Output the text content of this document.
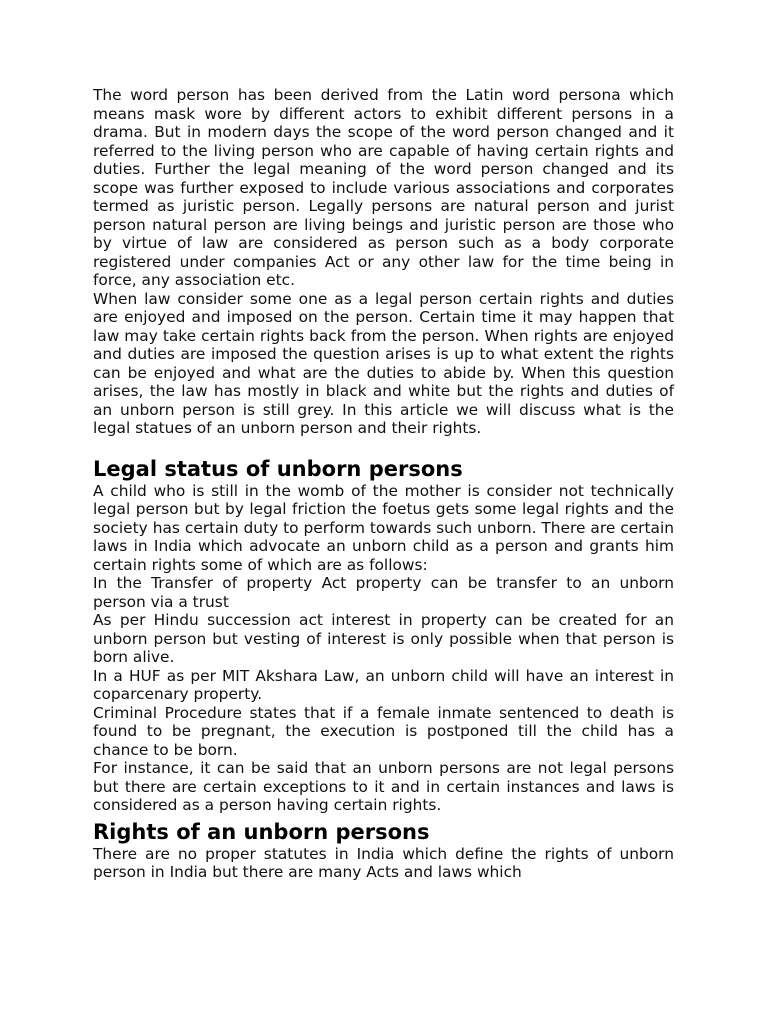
The word person has been derived from the Latin word persona which means mask wore by different actors to exhibit different persons in a drama. But in modern days the scope of the word person changed and it referred to the living person who are capable of having certain rights and duties. Further the legal meaning of the word person changed and its scope was further exposed to include various associations and corporates termed as juristic person. Legally persons are natural person and jurist person natural person are living beings and juristic person are those who by virtue of law are considered as person such as a body corporate registered under companies Act or any other law for the time being in force, any association etc.

When law consider some one as a legal person certain rights and duties are enjoyed and imposed on the person. Certain time it may happen that law may take certain rights back from the person. When rights are enjoyed and duties are imposed the question arises is up to what extent the rights can be enjoyed and what are the duties to abide by. When this question arises, the law has mostly in black and white but the rights and duties of an unborn person is still grey. In this article we will discuss what is the legal statues of an unborn person and their rights.

Legal status of unborn persons

A child who is still in the womb of the mother is consider not technically legal person but by legal friction the foetus gets some legal rights and the society has certain duty to perform towards such unborn. There are certain laws in India which advocate an unborn child as a person and grants him certain rights some of which are as follows:

In the Transfer of property Act property can be transfer to an unborn person via a trust

As per Hindu succession act interest in property can be created for an unborn person but vesting of interest is only possible when that person is born alive.

In a HUF as per MIT Akshara Law, an unborn child will have an interest in coparcenary property.

Criminal Procedure states that if a female inmate sentenced to death is found to be pregnant, the execution is postponed till the child has a chance to be born.

For instance, it can be said that an unborn persons are not legal persons but there are certain exceptions to it and in certain instances and laws is considered as a person having certain rights.

Rights of an unborn persons

There are no proper statutes in India which define the rights of unborn person in India but there are many Acts and laws which
